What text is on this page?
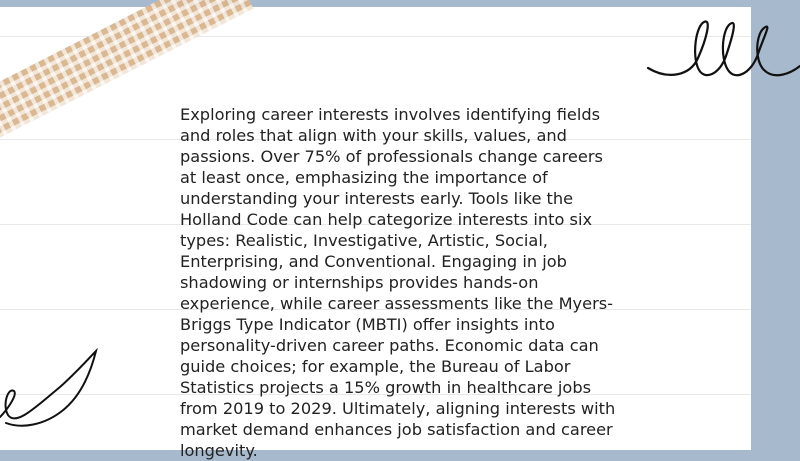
Exploring career interests involves identifying fields and roles that align with your skills, values, and passions. Over 75% of professionals change careers at least once, emphasizing the importance of understanding your interests early. Tools like the Holland Code can help categorize interests into six types: Realistic, Investigative, Artistic, Social, Enterprising, and Conventional. Engaging in job shadowing or internships provides hands-on experience, while career assessments like the Myers-Briggs Type Indicator (MBTI) offer insights into personality-driven career paths. Economic data can guide choices; for example, the Bureau of Labor Statistics projects a 15% growth in healthcare jobs from 2019 to 2029. Ultimately, aligning interests with market demand enhances job satisfaction and career longevity.
